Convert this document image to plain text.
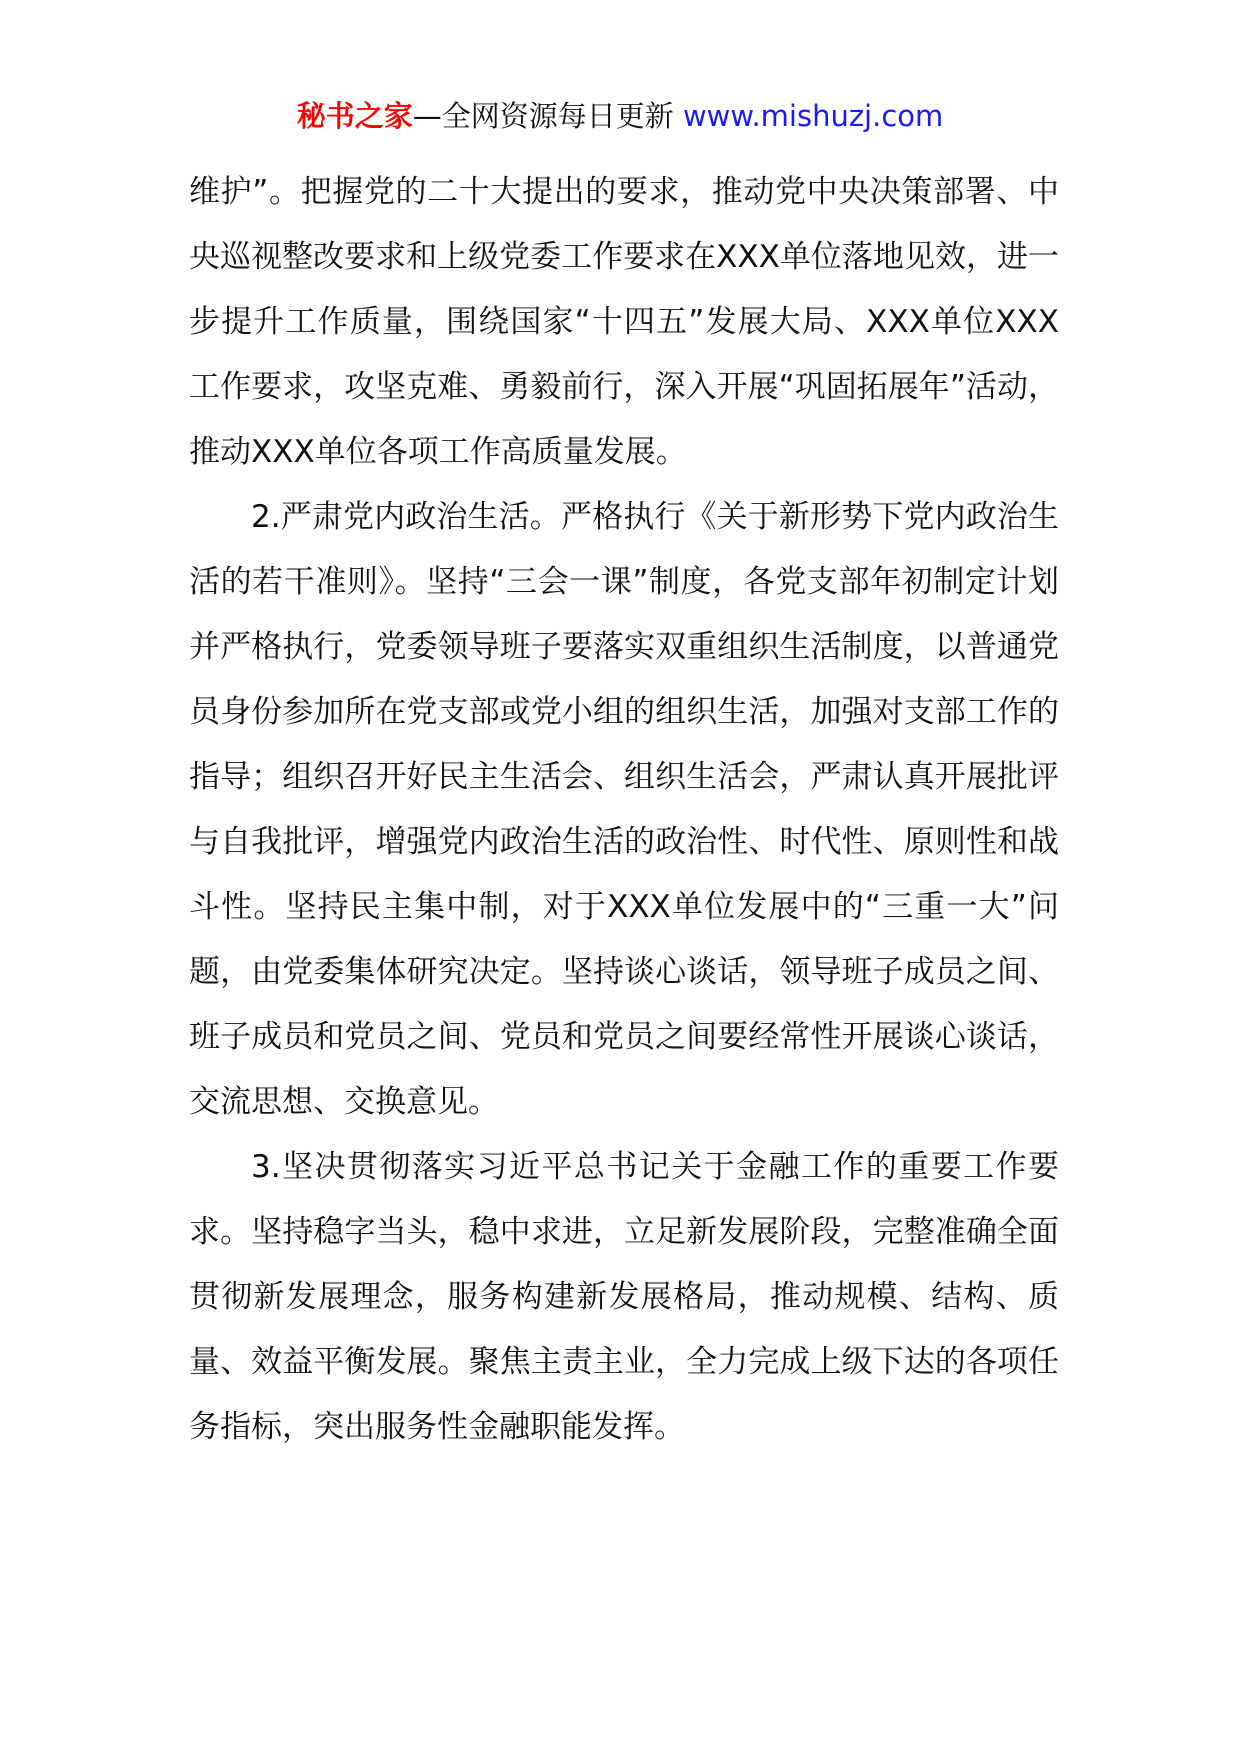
秘书之家—全网资源每日更新 www.mishuzj.com

维护”。把握党的二十大提出的要求，推动党中央决策部署、中央巡视整改要求和上级党委工作要求在XXX单位落地见效，进一步提升工作质量，围绕国家“十四五”发展大局、XXX单位XXX工作要求，攻坚克难、勇毅前行，深入开展“巩固拓展年”活动，推动XXX单位各项工作高质量发展。

2.严肃党内政治生活。严格执行《关于新形势下党内政治生活的若干准则》。坚持“三会一课”制度，各党支部年初制定计划并严格执行，党委领导班子要落实双重组织生活制度，以普通党员身份参加所在党支部或党小组的组织生活，加强对支部工作的指导；组织召开好民主生活会、组织生活会，严肃认真开展批评与自我批评，增强党内政治生活的政治性、时代性、原则性和战斗性。坚持民主集中制，对于XXX单位发展中的“三重一大”问题，由党委集体研究决定。坚持谈心谈话，领导班子成员之间、班子成员和党员之间、党员和党员之间要经常性开展谈心谈话，交流思想、交换意见。

3.坚决贯彻落实习近平总书记关于金融工作的重要工作要求。坚持稳字当头，稳中求进，立足新发展阶段，完整准确全面贯彻新发展理念，服务构建新发展格局，推动规模、结构、质量、效益平衡发展。聚焦主责主业，全力完成上级下达的各项任务指标，突出服务性金融职能发挥。
